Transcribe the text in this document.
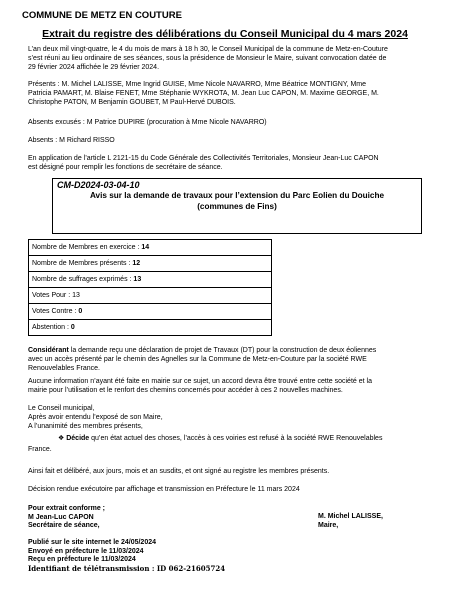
COMMUNE DE METZ EN COUTURE
Extrait du registre des délibérations du Conseil Municipal du 4 mars 2024
L’an deux mil vingt-quatre, le 4 du mois de mars à 18 h 30, le Conseil Municipal de la commune de Metz-en-Couture
s’est réuni au lieu ordinaire de ses séances, sous la présidence de Monsieur le Maire, suivant convocation datée de
29 février 2024 affichée le 29 février 2024.
Présents : M. Michel LALISSE, Mme Ingrid GUISE, Mme Nicole NAVARRO, Mme Béatrice MONTIGNY, Mme
Patricia PAMART, M. Blaise FENET, Mme Stéphanie WYKROTA, M. Jean Luc CAPON, M. Maxime GEORGE, M.
Christophe PATON, M Benjamin GOUBET, M Paul-Hervé DUBOIS.
Absents excusés : M Patrice DUPIRE (procuration à Mme Nicole NAVARRO)
Absents : M Richard RISSO
En application de l’article L 2121-15 du Code Générale des Collectivités Territoriales, Monsieur Jean-Luc CAPON
est désigné pour remplir les fonctions de secrétaire de séance.
CM-D2024-03-04-10
Avis sur la demande de travaux pour l’extension du Parc Eolien du Douiche
(communes de Fins)
Nombre de Membres en exercice : 14
Nombre de Membres présents : 12
Nombre de suffrages exprimés : 13
Votes Pour : 13
Votes Contre : 0
Abstention : 0
Considérant la demande reçu une déclaration de projet de Travaux (DT) pour la construction de deux éoliennes
avec un accès présenté par le chemin des Agnelles sur la Commune de Metz-en-Couture par la société RWE
Renouvelables France.
Aucune information n’ayant été faite en mairie sur ce sujet, un accord devra être trouvé entre cette société et la
mairie pour l’utilisation et le renfort des chemins concernés pour accéder à ces 2 nouvelles machines.
Le Conseil municipal,
Après avoir entendu l’exposé de son Maire,
A l’unanimité des membres présents,
❖ Décide qu’en état actuel des choses, l’accès à ces voiries est refusé à la société RWE Renouvelables
France.
Ainsi fait et délibéré, aux jours, mois et an susdits, et ont signé au registre les membres présents.
Décision rendue exécutoire par affichage et transmission en Préfecture le 11 mars 2024
Pour extrait conforme ;
M Jean-Luc CAPON
Secrétaire de séance,
M. Michel LALISSE,
Maire,
Publié sur le site internet le 24/05/2024
Envoyé en préfecture le 11/03/2024
Reçu en préfecture le 11/03/2024
Identifiant de télétransmission : ID 062-21605724
